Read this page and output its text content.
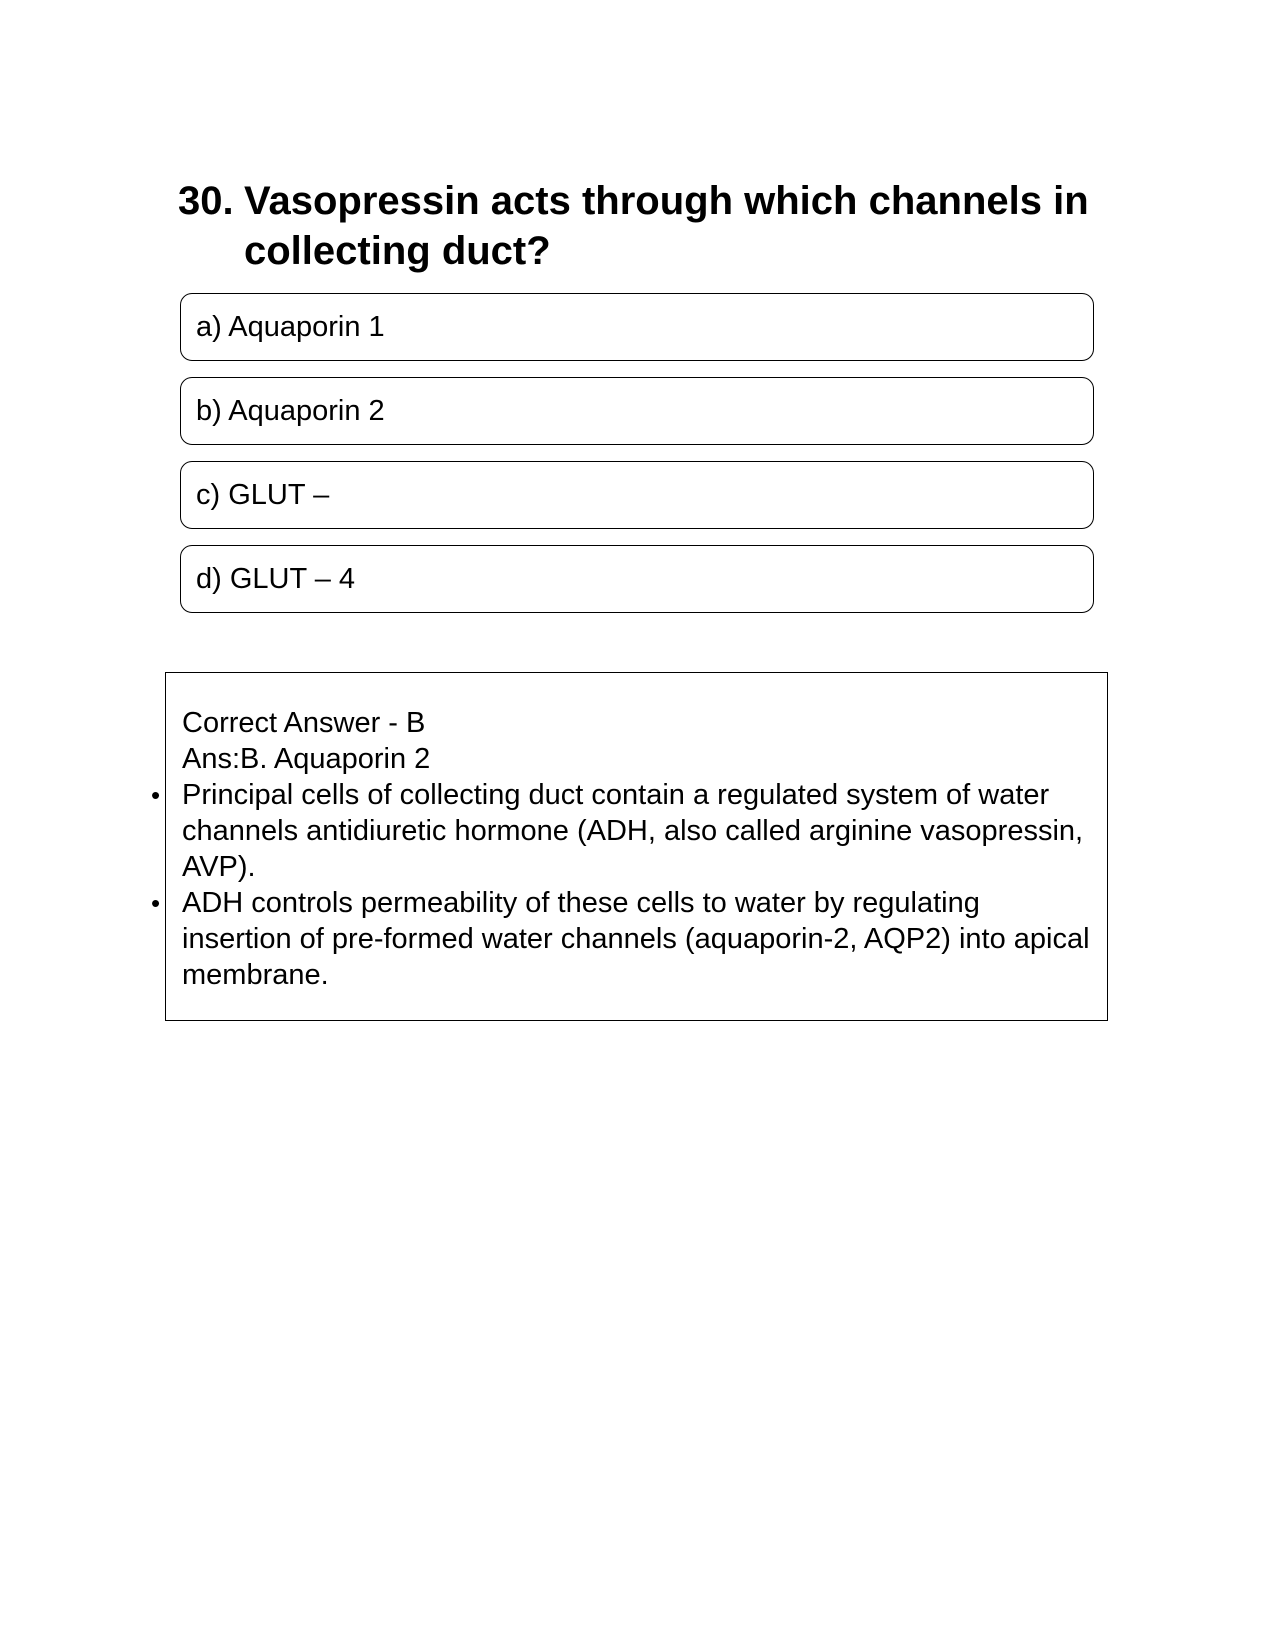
30. Vasopressin acts through which channels in collecting duct?
a) Aquaporin 1
b) Aquaporin 2
c) GLUT –
d) GLUT – 4
Correct Answer - B
Ans:B. Aquaporin 2
• Principal cells of collecting duct contain a regulated system of water channels antidiuretic hormone (ADH, also called arginine vasopressin, AVP).
• ADH controls permeability of these cells to water by regulating insertion of pre-formed water channels (aquaporin-2, AQP2) into apical membrane.
